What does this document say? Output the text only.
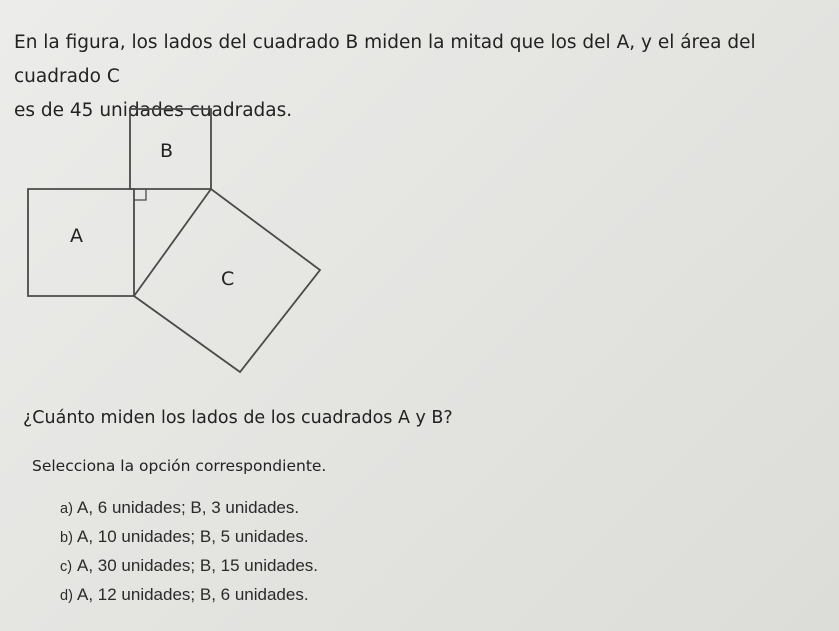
En la figura, los lados del cuadrado B miden la mitad que los del A, y el área del cuadrado C
es de 45 unidades cuadradas.

B
A
C

¿Cuánto miden los lados de los cuadrados A y B?

Selecciona la opción correspondiente.

a) A, 6 unidades; B, 3 unidades.
b) A, 10 unidades; B, 5 unidades.
c) A, 30 unidades; B, 15 unidades.
d) A, 12 unidades; B, 6 unidades.
